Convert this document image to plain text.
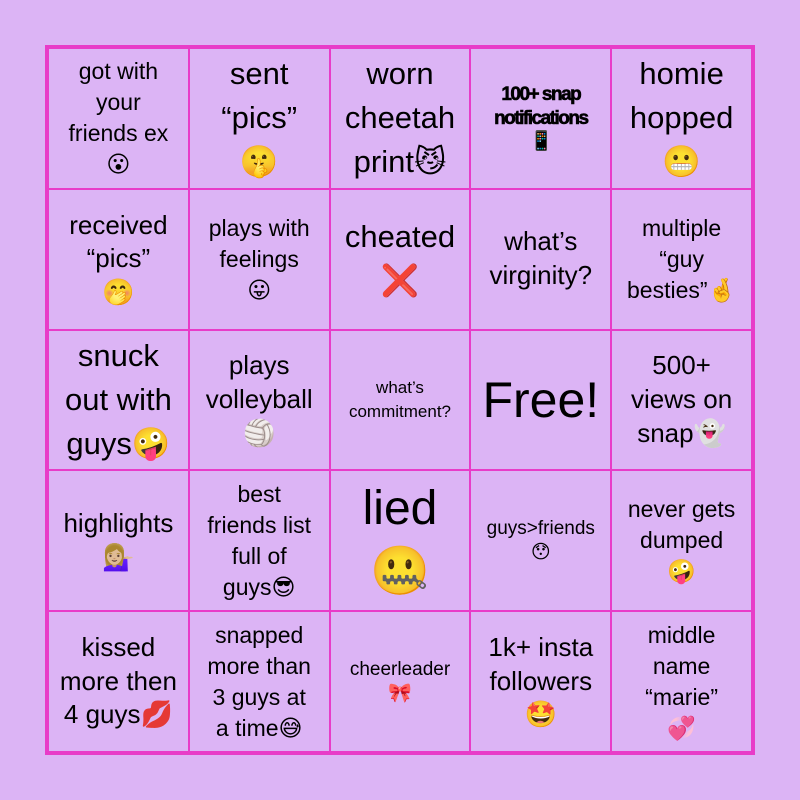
got with
your
friends ex
😮
sent
“pics”
🤫
worn
cheetah
print😼
100+ snap
notifications
📱
homie
hopped
😬
received
“pics”
🤭
plays with
feelings
😛
cheated
❌
what’s
virginity?
multiple
“guy
besties”🤞
snuck
out with
guys🤪
plays
volleyball
🏐
what’s
commitment? Free!
500+
views on
snap👻
highlights
💁🏼‍♀️
best
friends list
full of
guys😎
lied
🤐
guys>friends
😯
never gets
dumped
🤪
kissed
more then
4 guys💋
snapped
more than
3 guys at
a time😅
cheerleader
🎀
1k+ insta
followers
🤩
middle
name
“marie”
💞
